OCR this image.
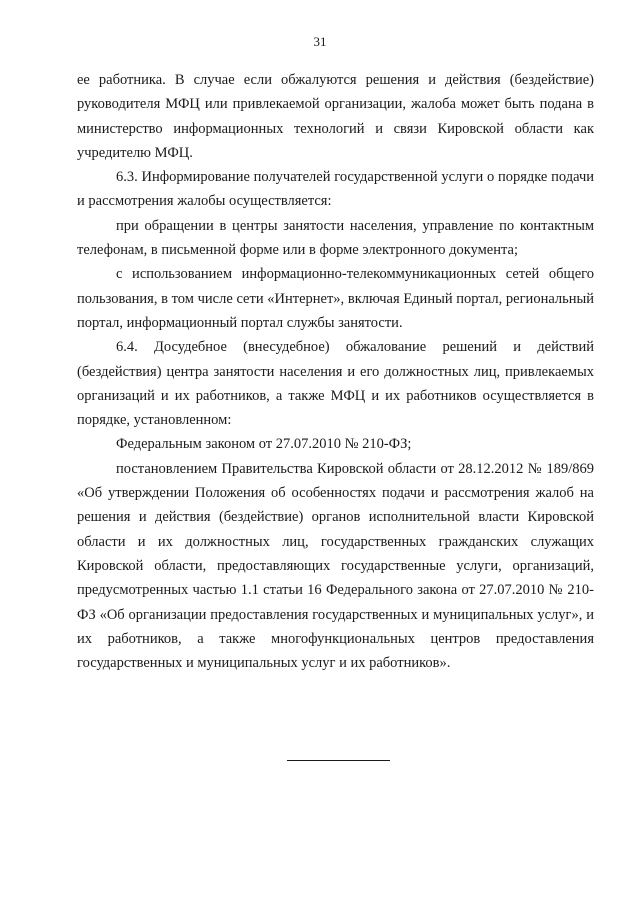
31

ее работника. В случае если обжалуются решения и действия (бездействие) руководителя МФЦ или привлекаемой организации, жалоба может быть подана в министерство информационных технологий и связи Кировской области как учредителю МФЦ.

6.3. Информирование получателей государственной услуги о порядке подачи и рассмотрения жалобы осуществляется:

при обращении в центры занятости населения, управление по контактным телефонам, в письменной форме или в форме электронного документа;

с использованием информационно-телекоммуникационных сетей общего пользования, в том числе сети «Интернет», включая Единый портал, региональный портал, информационный портал службы занятости.

6.4. Досудебное (внесудебное) обжалование решений и действий (бездействия) центра занятости населения и его должностных лиц, привлекаемых организаций и их работников, а также МФЦ и их работников осуществляется в порядке, установленном:

Федеральным законом от 27.07.2010 № 210-ФЗ;

постановлением Правительства Кировской области от 28.12.2012 № 189/869 «Об утверждении Положения об особенностях подачи и рассмотрения жалоб на решения и действия (бездействие) органов исполнительной власти Кировской области и их должностных лиц, государственных гражданских служащих Кировской области, предоставляющих государственные услуги, организаций, предусмотренных частью 1.1 статьи 16 Федерального закона от 27.07.2010 № 210-ФЗ «Об организации предоставления государственных и муниципальных услуг», и их работников, а также многофункциональных центров предоставления государственных и муниципальных услуг и их работников».
